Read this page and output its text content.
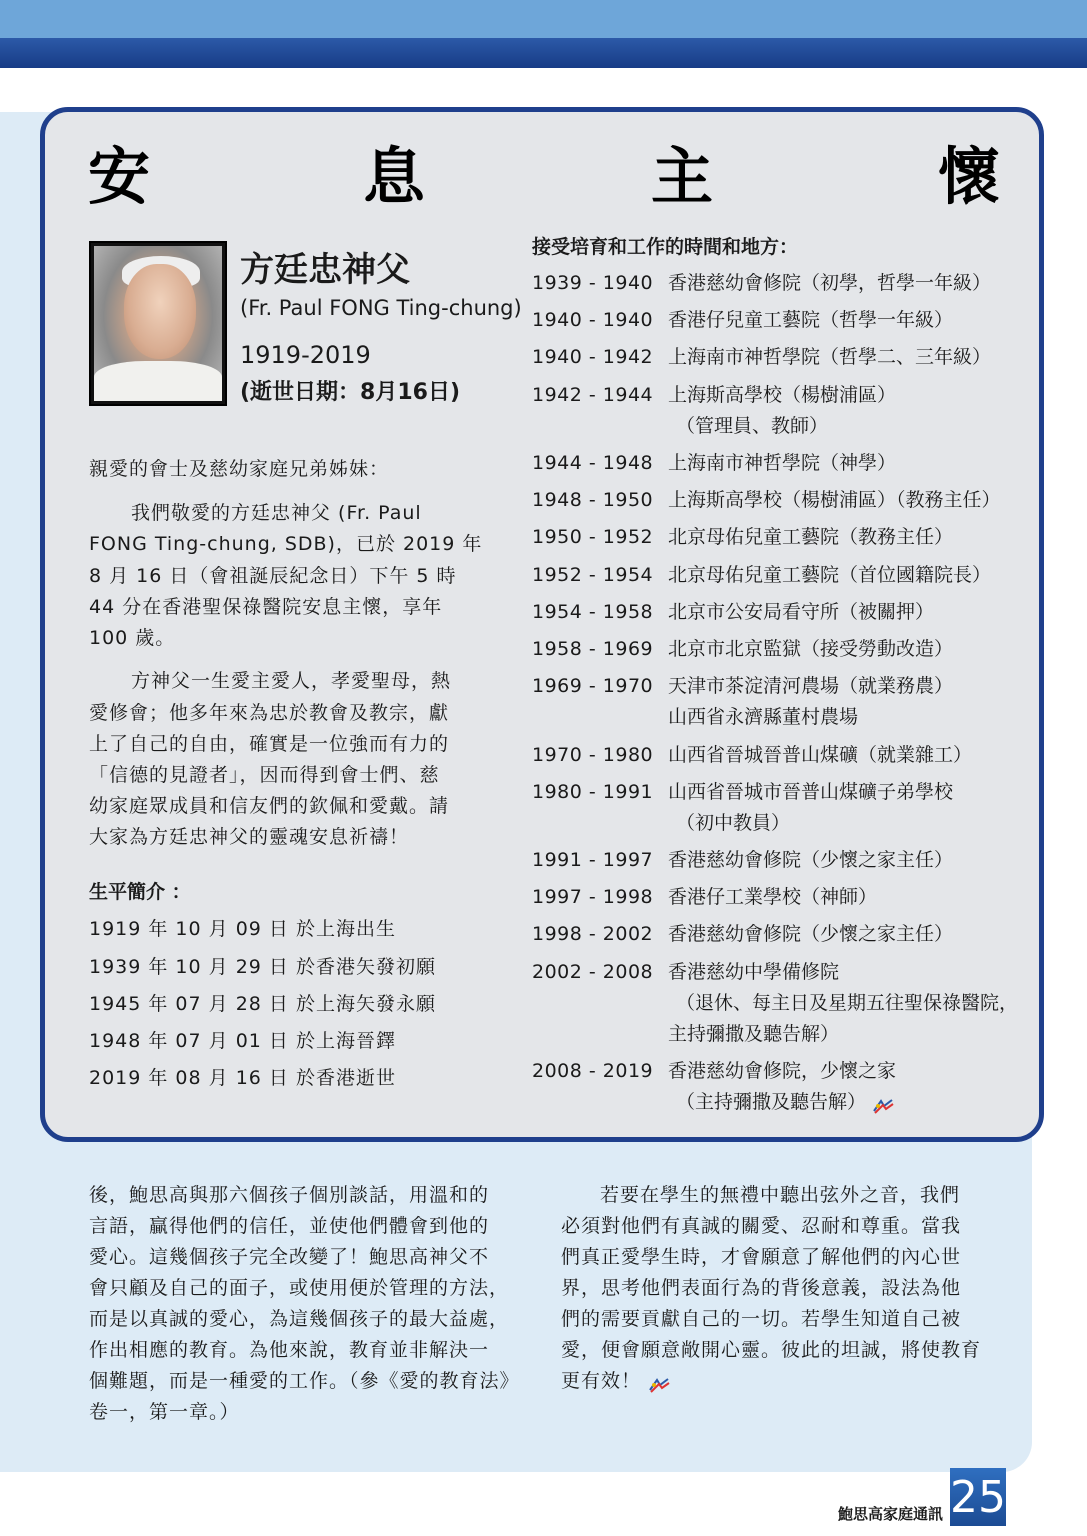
安	息	主	懷
方廷忠神父
(Fr. Paul FONG Ting-chung)
1919-2019
(逝世日期：8月16日)
親愛的會士及慈幼家庭兄弟姊妹：
我們敬愛的方廷忠神父 (Fr. Paul
FONG Ting-chung, SDB)，已於 2019 年
8 月 16 日（會祖誕辰紀念日）下午 5 時
44 分在香港聖保祿醫院安息主懷，享年
100 歲。
方神父一生愛主愛人，孝愛聖母，熱
愛修會；他多年來為忠於教會及教宗，獻
上了自己的自由，確實是一位強而有力的
「信德的見證者」，因而得到會士們、慈
幼家庭眾成員和信友們的欽佩和愛戴。請
大家為方廷忠神父的靈魂安息祈禱！
生平簡介 ：
1919 年 10 月 09 日 於上海出生
1939 年 10 月 29 日 於香港矢發初願
1945 年 07 月 28 日 於上海矢發永願
1948 年 07 月 01 日 於上海晉鐸
2019 年 08 月 16 日 於香港逝世
接受培育和工作的時間和地方：
1939 - 1940 香港慈幼會修院（初學，哲學一年級）
1940 - 1940 香港仔兒童工藝院（哲學一年級）
1940 - 1942 上海南市神哲學院（哲學二、三年級）
1942 - 1944 上海斯高學校（楊樹浦區）
（管理員、教師）
1944 - 1948 上海南市神哲學院（神學）
1948 - 1950 上海斯高學校（楊樹浦區）（教務主任）
1950 - 1952 北京母佑兒童工藝院（教務主任）
1952 - 1954 北京母佑兒童工藝院（首位國籍院長）
1954 - 1958 北京市公安局看守所（被關押）
1958 - 1969 北京市北京監獄（接受勞動改造）
1969 - 1970 天津市茶淀清河農場（就業務農）
山西省永濟縣董村農場
1970 - 1980 山西省晉城晉普山煤礦（就業雜工）
1980 - 1991 山西省晉城市晉普山煤礦子弟學校
（初中教員）
1991 - 1997 香港慈幼會修院（少懷之家主任）
1997 - 1998 香港仔工業學校（神師）
1998 - 2002 香港慈幼會修院（少懷之家主任）
2002 - 2008 香港慈幼中學備修院
（退休、每主日及星期五往聖保祿醫院，
主持彌撒及聽告解）
2008 - 2019 香港慈幼會修院，少懷之家
（主持彌撒及聽告解）
後，鮑思高與那六個孩子個別談話，用溫和的
言語，贏得他們的信任，並使他們體會到他的
愛心。這幾個孩子完全改變了！鮑思高神父不
會只顧及自己的面子，或使用便於管理的方法，
而是以真誠的愛心，為這幾個孩子的最大益處，
作出相應的教育。為他來說，教育並非解決一
個難題，而是一種愛的工作。（參《愛的教育法》
卷一，第一章。）
若要在學生的無禮中聽出弦外之音，我們
必須對他們有真誠的關愛、忍耐和尊重。當我
們真正愛學生時，才會願意了解他們的內心世
界，思考他們表面行為的背後意義，設法為他
們的需要貢獻自己的一切。若學生知道自己被
愛，便會願意敞開心靈。彼此的坦誠，將使教育
更有效！
鮑思高家庭通訊 25
